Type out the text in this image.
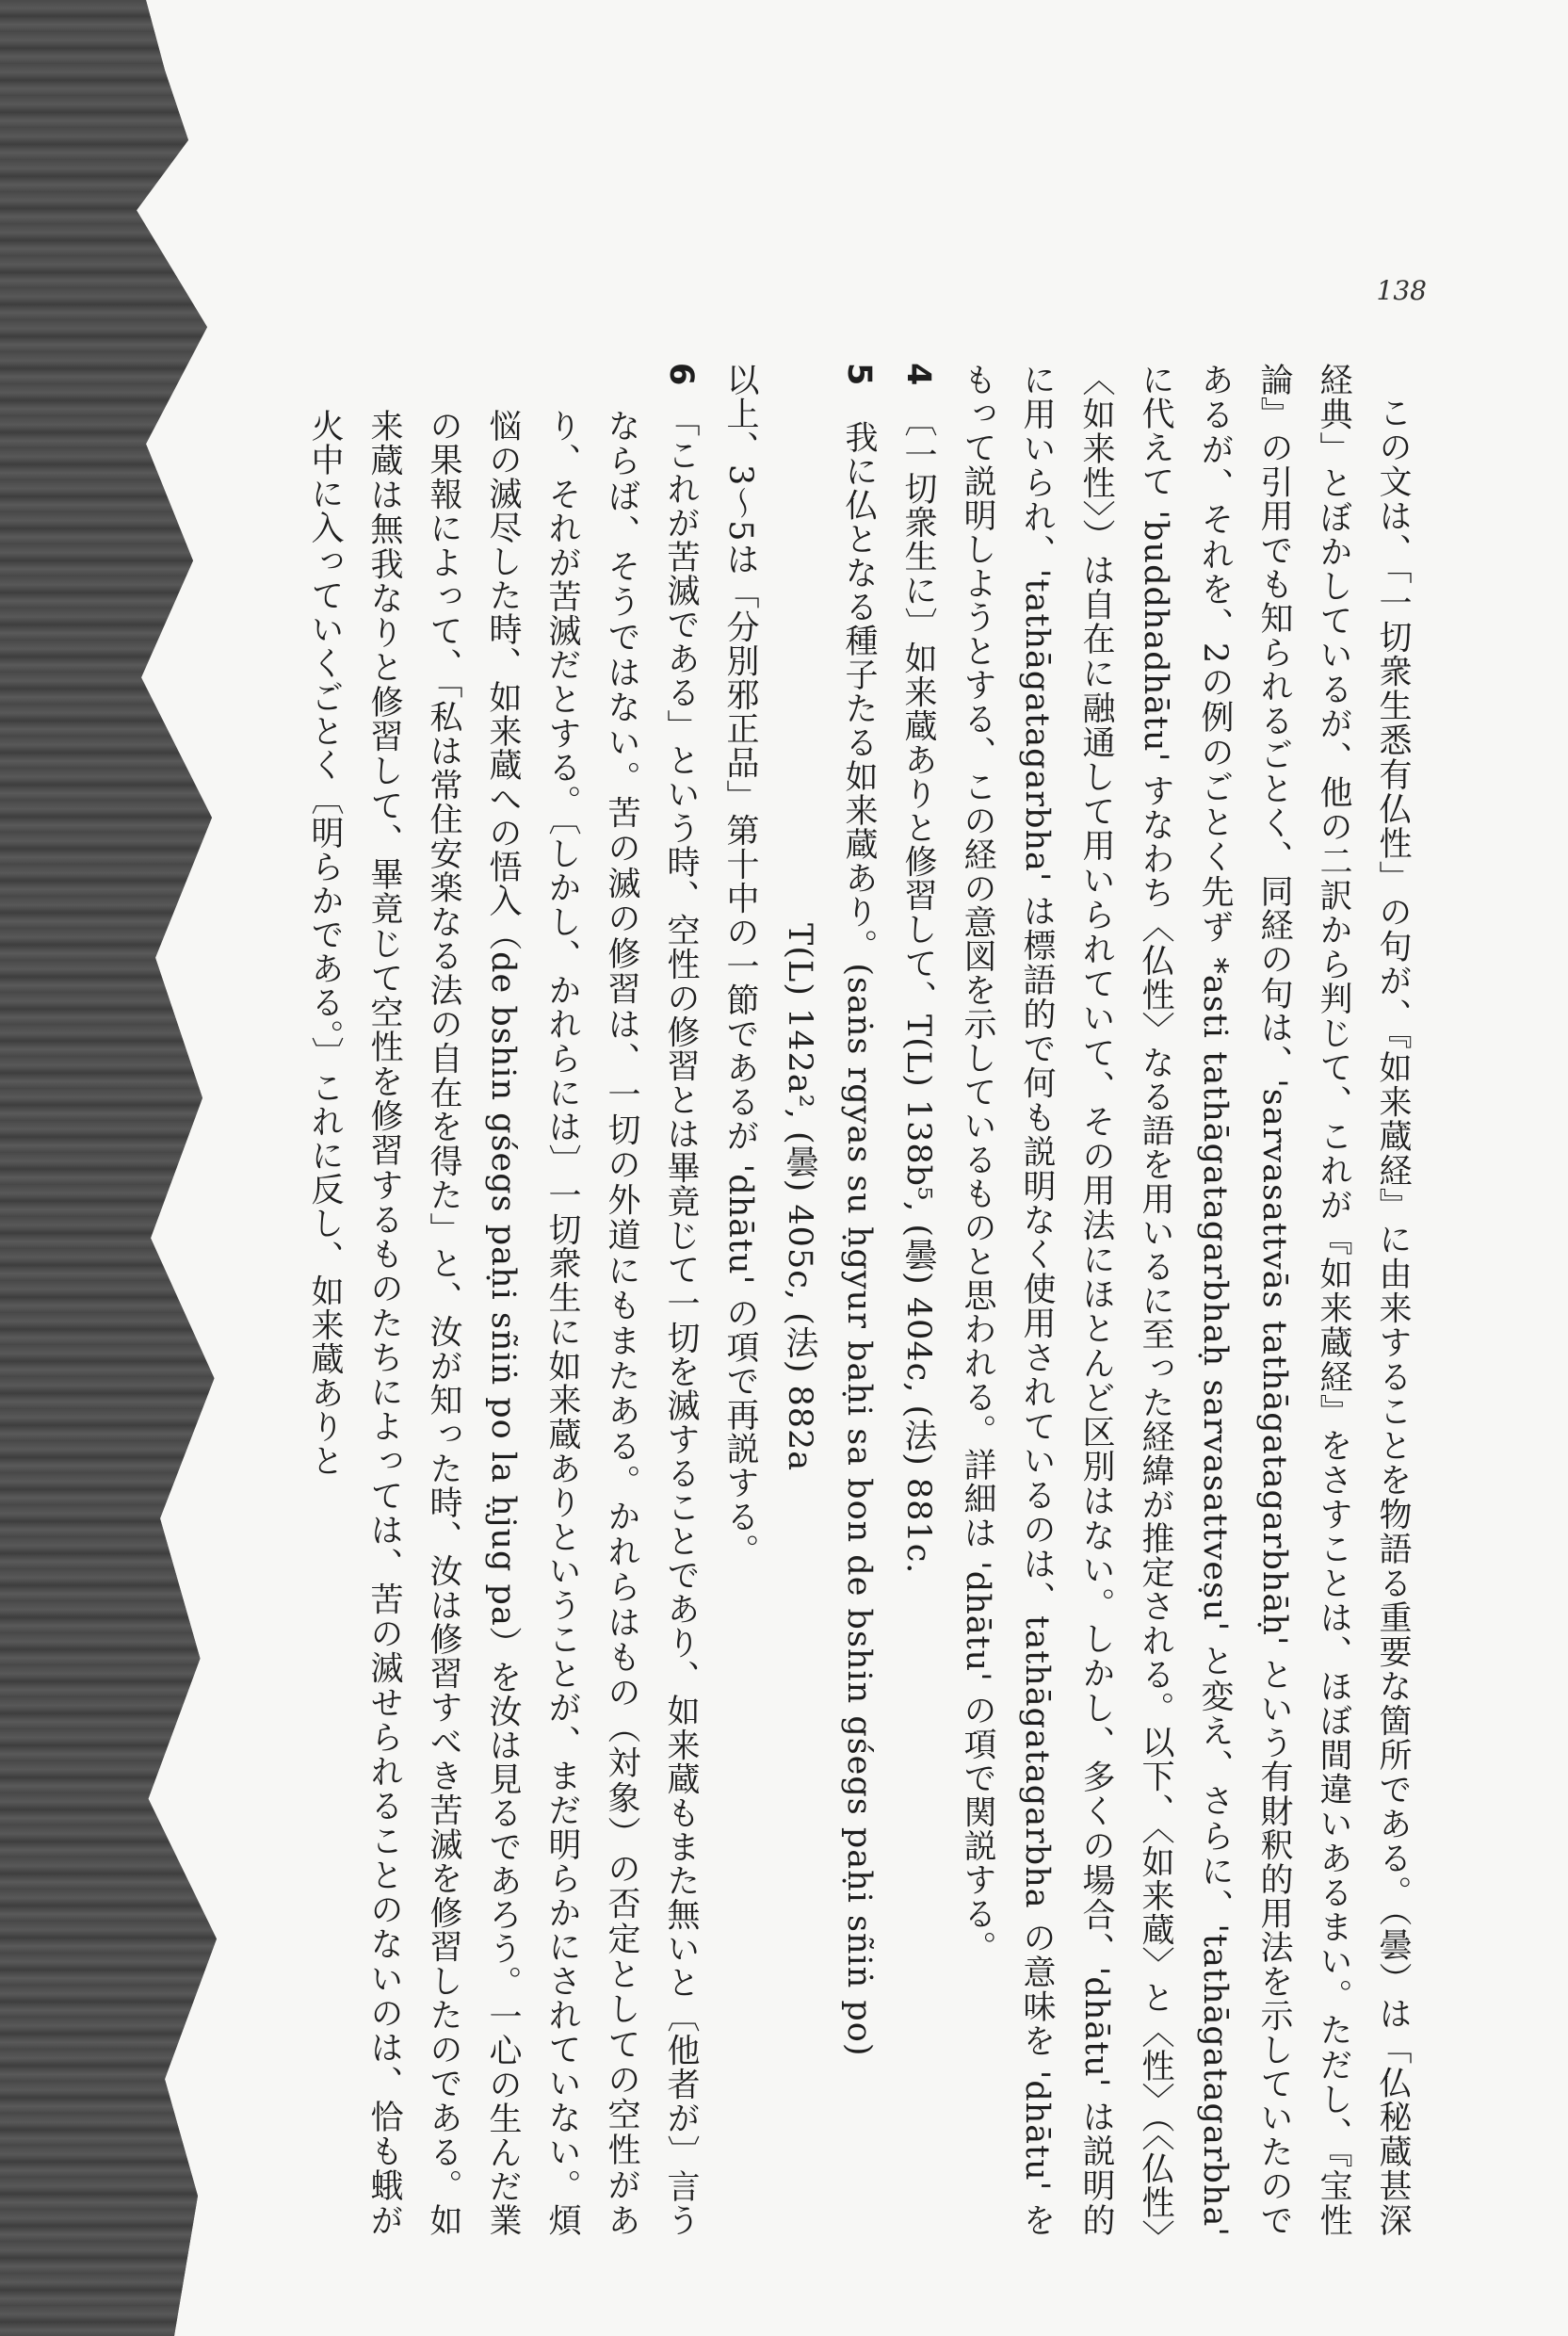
138

この文は、「一切衆生悉有仏性」の句が、『如来蔵経』に由来することを物語る重要な箇所である。（曇）は「仏秘蔵甚深経典」とぼかしているが、他の二訳から判じて、これが『如来蔵経』をさすことは、ほぼ間違いあるまい。ただし、『宝性論』の引用でも知られるごとく、同経の句は、'sarvasattvās tathāgatagarbhāḥ' という有財釈的用法を示していたのであるが、それを、2の例のごとく先ず *asti tathāgatagarbhaḥ sarvasattveṣu' と変え、さらに、'tathāgatagarbha' に代えて 'buddhadhātu' すなわち〈仏性〉なる語を用いるに至った経緯が推定される。以下、〈如来蔵〉と〈性〉（〈仏性〉〈如来性〉）は自在に融通して用いられていて、その用法にほとんど区別はない。しかし、多くの場合、'dhātu' は説明的に用いられ、'tathāgatagarbha' は標語的で何も説明なく使用されているのは、tathāgatagarbha の意味を 'dhātu' をもって説明しようとする、この経の意図を示しているものと思われる。詳細は 'dhātu' の項で関説する。

4　〔一切衆生に〕如来蔵ありと修習して、T(L) 138b⁵, (曇) 404c, (法) 881c.

5　我に仏となる種子たる如来蔵あり。(saṅs rgyas su ḥgyur baḥi sa bon de bshin gśegs paḥi sñiṅ po)

T(L) 142a², (曇) 405c, (法) 882a

以上、3〜5は「分別邪正品」第十中の一節であるが 'dhātu' の項で再説する。

6　「これが苦滅である」という時、空性の修習とは畢竟じて一切を滅することであり、如来蔵もまた無いと〔他者が〕言うならば、そうではない。苦の滅の修習は、一切の外道にもまたある。かれらはもの（対象）の否定としての空性があり、それが苦滅だとする。〔しかし、かれらには〕一切衆生に如来蔵ありということが、まだ明らかにされていない。煩悩の滅尽した時、如来蔵への悟入（de bshin gśegs paḥi sñiṅ po la ḥjug pa）を汝は見るであろう。一心の生んだ業の果報によって、「私は常住安楽なる法の自在を得た」と、汝が知った時、汝は修習すべき苦滅を修習したのである。如来蔵は無我なりと修習して、畢竟じて空性を修習するものたちによっては、苦の滅せられることのないのは、恰も蛾が火中に入っていくごとく〔明らかである。〕これに反し、如来蔵ありと
